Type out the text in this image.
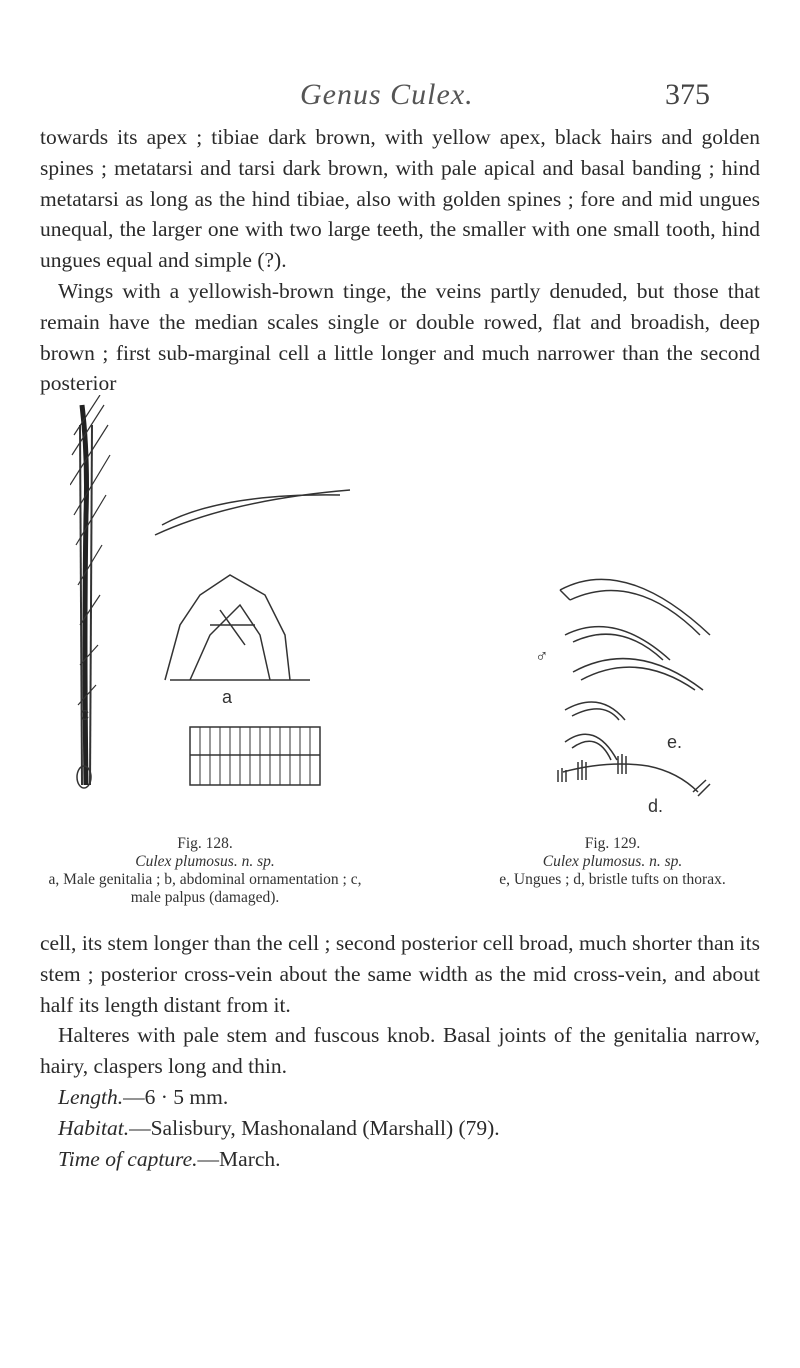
Genus Culex.	375

towards its apex ; tibiae dark brown, with yellow apex, black hairs and golden spines ; metatarsi and tarsi dark brown, with pale apical and basal banding ; hind metatarsi as long as the hind tibiae, also with golden spines ; fore and mid ungues unequal, the larger one with two large teeth, the smaller with one small tooth, hind ungues equal and simple (?).

Wings with a yellowish-brown tinge, the veins partly denuded, but those that remain have the median scales single or double rowed, flat and broadish, deep brown ; first sub-marginal cell a little longer and much narrower than the second posterior

c
a
♂
e.
d.
Fig. 128.
Culex plumosus. n. sp.
a, Male genitalia ; b, abdominal ornamentation ; c, male palpus (damaged).
Fig. 129.
Culex plumosus. n. sp.
e, Ungues ; d, bristle tufts on thorax.

cell, its stem longer than the cell ; second posterior cell broad, much shorter than its stem ; posterior cross-vein about the same width as the mid cross-vein, and about half its length distant from it.

Halteres with pale stem and fuscous knob. Basal joints of the genitalia narrow, hairy, claspers long and thin.

Length.—6 · 5 mm.

Habitat.—Salisbury, Mashonaland (Marshall) (79).

Time of capture.—March.
